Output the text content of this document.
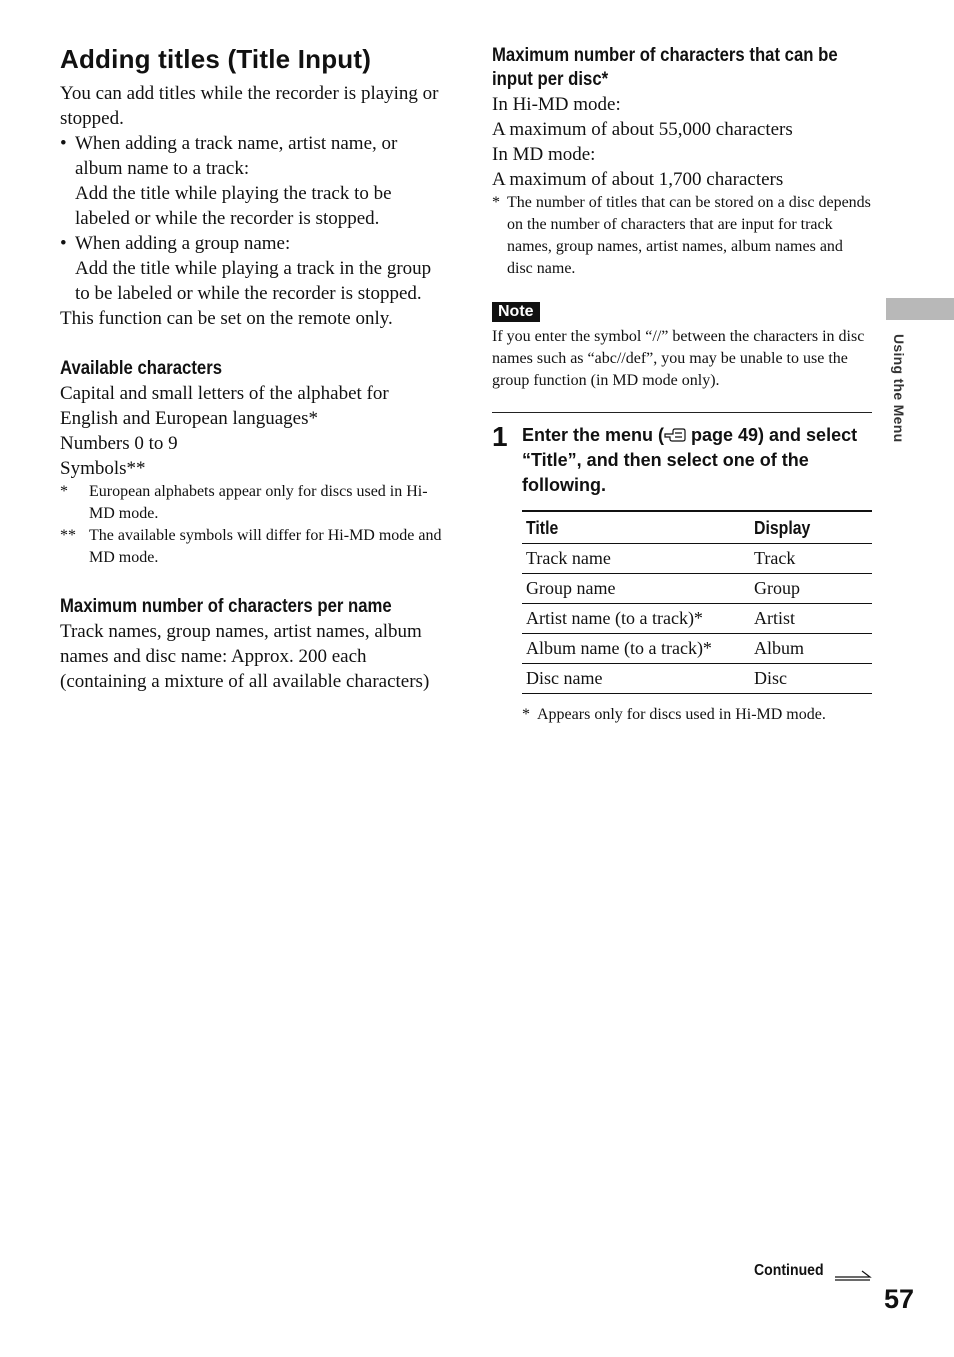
Adding titles (Title Input)

You can add titles while the recorder is playing or stopped.

• When adding a track name, artist name, or album name to a track:
Add the title while playing the track to be labeled or while the recorder is stopped.
• When adding a group name:
Add the title while playing a track in the group to be labeled or while the recorder is stopped.

This function can be set on the remote only.

Available characters

Capital and small letters of the alphabet for English and European languages*

Numbers 0 to 9

Symbols**

* European alphabets appear only for discs used in Hi-MD mode.
** The available symbols will differ for Hi-MD mode and MD mode.
Maximum number of characters per name

Track names, group names, artist names, album names and disc name: Approx. 200 each (containing a mixture of all available characters)

Maximum number of characters that can be input per disc*

In Hi-MD mode:

A maximum of about 55,000 characters

In MD mode:

A maximum of about 1,700 characters

* The number of titles that can be stored on a disc depends on the number of characters that are input for track names, group names, artist names, album names and disc name.
Note
If you enter the symbol “//” between the characters in disc names such as “abc//def”, you may be unable to use the group function (in MD mode only).
1 Enter the menu ( page 49) and select “Title”, and then select one of the following.
Title	Display
Track name	Track
Group name	Group
Artist name (to a track)*	Artist
Album name (to a track)*	Album
Disc name	Disc
* Appears only for discs used in Hi-MD mode.
Using the Menu
Continued
57
